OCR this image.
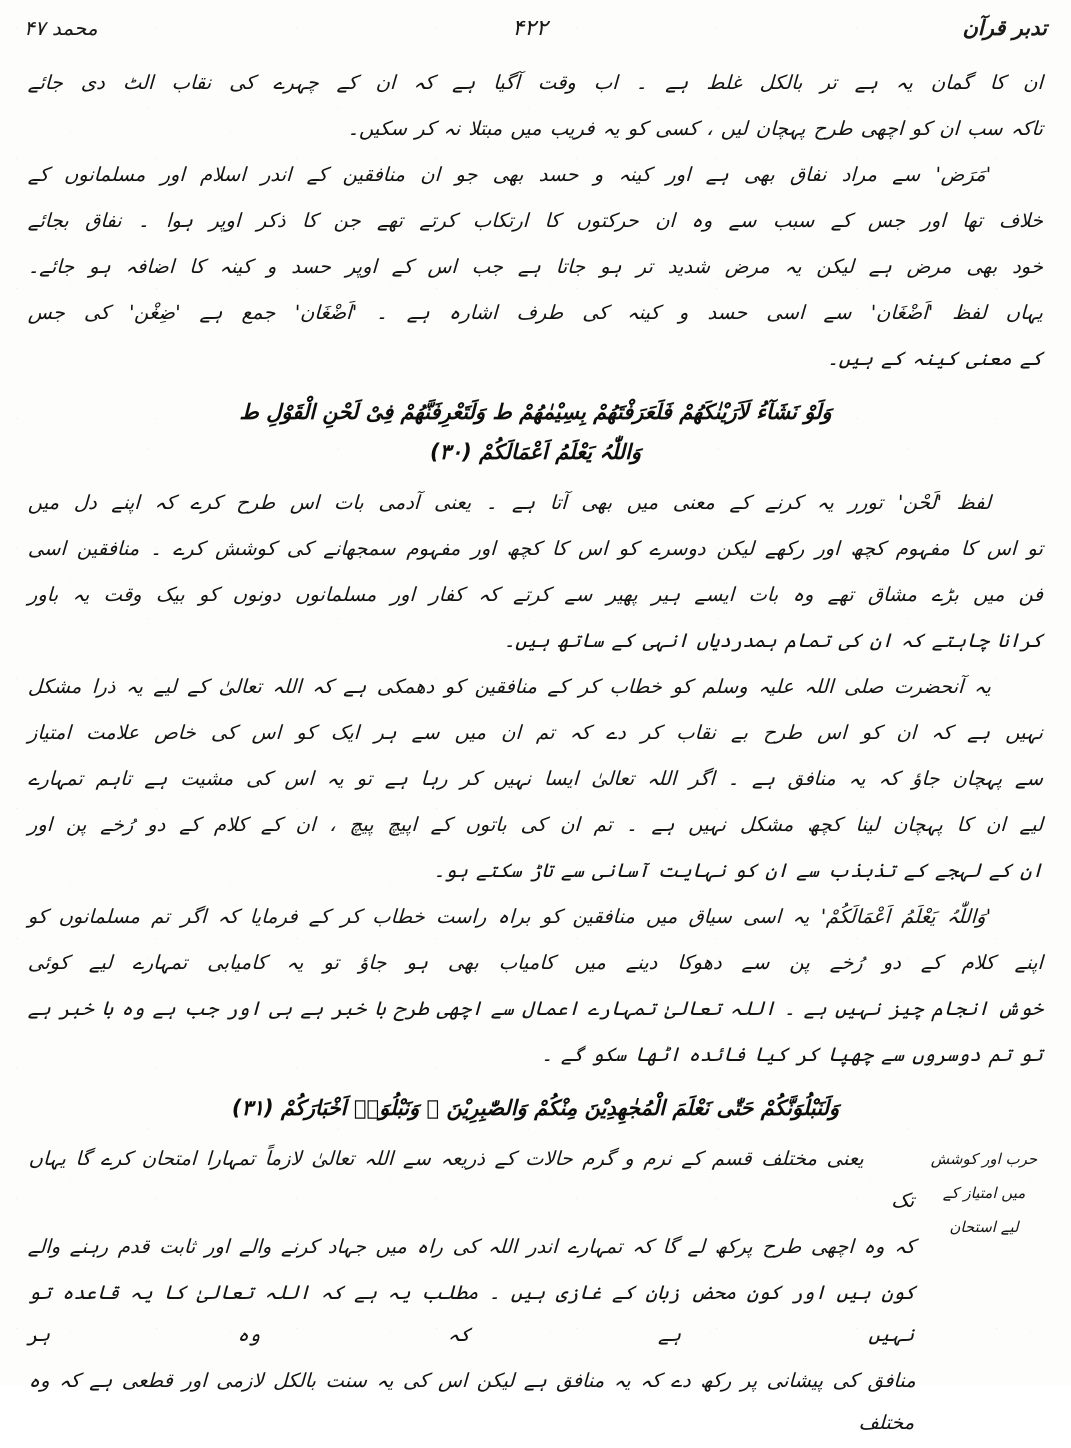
محمد ۴۷	۴۲۲	تدبر قرآن

ان کا گمان یہ ہے تر بالکل غلط ہے ۔ اب وقت آگیا ہے کہ ان کے چہرے کی نقاب الٹ دی جائے

تاکہ سب ان کو اچھی طرح پہچان لیں ، کسی کو یہ فریب میں مبتلا نہ کر سکیں۔

'مَرَض' سے مراد نفاق بھی ہے اور کینہ و حسد بھی جو ان منافقین کے اندر اسلام اور مسلمانوں کے

خلاف تھا اور جس کے سبب سے وہ ان حرکتوں کا ارتکاب کرتے تھے جن کا ذکر اوپر ہوا ۔ نفاق بجائے

خود بھی مرض ہے لیکن یہ مرض شدید تر ہو جاتا ہے جب اس کے اوپر حسد و کینہ کا اضافہ ہو جائے۔

یہاں لفظ 'اَضْغَان' سے اسی حسد و کینہ کی طرف اشارہ ہے ۔ 'اَضْغَان' جمع ہے 'ضِغْن' کی جس

کے معنی کینہ کے ہیں۔

وَلَوْ نَشَآءُ لَاَرَیْنٰکَھُمْ فَلَعَرَفْتَھُمْ بِسِیْمٰھُمْ ط وَلَتَعْرِفَنَّھُمْ فِیْ لَحْنِ الْقَوْلِ ط
وَاللّٰہُ یَعْلَمُ اَعْمَالَکُمْ (۳۰)

لفظ 'لَحْن' تورر یہ کرنے کے معنی میں بھی آتا ہے ۔ یعنی آدمی بات اس طرح کرے کہ اپنے دل میں

تو اس کا مفہوم کچھ اور رکھے لیکن دوسرے کو اس کا کچھ اور مفہوم سمجھانے کی کوشش کرے ۔ منافقین اسی

فن میں بڑے مشاق تھے وہ بات ایسے ہیر پھیر سے کرتے کہ کفار اور مسلمانوں دونوں کو بیک وقت یہ باور

کرانا چاہتے کہ ان کی تمام ہمدردیاں انہی کے ساتھ ہیں۔

یہ آنحضرت صلی اللہ علیہ وسلم کو خطاب کر کے منافقین کو دھمکی ہے کہ اللہ تعالیٰ کے لیے یہ ذرا مشکل

نہیں ہے کہ ان کو اس طرح بے نقاب کر دے کہ تم ان میں سے ہر ایک کو اس کی خاص علامت امتیاز

سے پہچان جاؤ کہ یہ منافق ہے ۔ اگر اللہ تعالیٰ ایسا نہیں کر رہا ہے تو یہ اس کی مشیت ہے تاہم تمہارے

لیے ان کا پہچان لینا کچھ مشکل نہیں ہے ۔ تم ان کی باتوں کے اپیچ پیچ ، ان کے کلام کے دو رُخے پن اور

ان کے لہجے کے تذبذب سے ان کو نہایت آسانی سے تاڑ سکتے ہو۔

'وَاللّٰہُ یَعْلَمُ اَعْمَالَکُمْ' یہ اسی سیاق میں منافقین کو براہ راست خطاب کر کے فرمایا کہ اگر تم مسلمانوں کو

اپنے کلام کے دو رُخے پن سے دھوکا دینے میں کامیاب بھی ہو جاؤ تو یہ کامیابی تمہارے لیے کوئی

خوش انجام چیز نہیں ہے ۔ اللہ تعالیٰ تمہارے اعمال سے اچھی طرح با خبر ہے ہی اور جب ہے وہ با خبر ہے

تو تم دوسروں سے چھپا کر کیا فائدہ اٹھا سکو گے ۔

وَلَنَبْلُوَنَّکُمْ حَتّٰی نَعْلَمَ الْمُجٰھِدِیْنَ مِنْکُمْ وَالصّٰبِرِیْنَ ۙ وَنَبْلُوَا۠ اَخْبَارَکُمْ (۳۱)

یعنی مختلف قسم کے نرم و گرم حالات کے ذریعہ سے اللہ تعالیٰ لازماً تمہارا امتحان کرے گا یہاں تک

کہ وہ اچھی طرح پرکھ لے گا کہ تمہارے اندر اللہ کی راہ میں جہاد کرنے والے اور ثابت قدم رہنے والے

کون ہیں اور کون محض زبان کے غازی ہیں ۔ مطلب یہ ہے کہ اللہ تعالیٰ کا یہ قاعدہ تو نہیں ہے کہ وہ ہر

منافق کی پیشانی پر رکھ دے کہ یہ منافق ہے لیکن اس کی یہ سنت بالکل لازمی اور قطعی ہے کہ وہ مختلف

حرب اور کوشش
میں امتیاز کے
لیے استحان
